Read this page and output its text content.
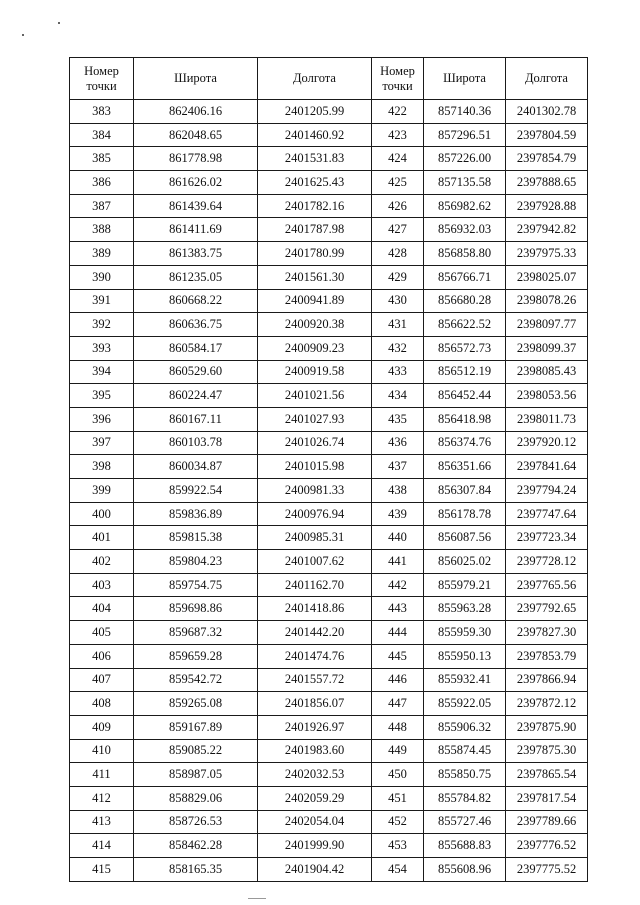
Номер точки	Широта	Долгота	Номер точки	Широта	Долгота
383	862406.16	2401205.99	422	857140.36	2401302.78
384	862048.65	2401460.92	423	857296.51	2397804.59
385	861778.98	2401531.83	424	857226.00	2397854.79
386	861626.02	2401625.43	425	857135.58	2397888.65
387	861439.64	2401782.16	426	856982.62	2397928.88
388	861411.69	2401787.98	427	856932.03	2397942.82
389	861383.75	2401780.99	428	856858.80	2397975.33
390	861235.05	2401561.30	429	856766.71	2398025.07
391	860668.22	2400941.89	430	856680.28	2398078.26
392	860636.75	2400920.38	431	856622.52	2398097.77
393	860584.17	2400909.23	432	856572.73	2398099.37
394	860529.60	2400919.58	433	856512.19	2398085.43
395	860224.47	2401021.56	434	856452.44	2398053.56
396	860167.11	2401027.93	435	856418.98	2398011.73
397	860103.78	2401026.74	436	856374.76	2397920.12
398	860034.87	2401015.98	437	856351.66	2397841.64
399	859922.54	2400981.33	438	856307.84	2397794.24
400	859836.89	2400976.94	439	856178.78	2397747.64
401	859815.38	2400985.31	440	856087.56	2397723.34
402	859804.23	2401007.62	441	856025.02	2397728.12
403	859754.75	2401162.70	442	855979.21	2397765.56
404	859698.86	2401418.86	443	855963.28	2397792.65
405	859687.32	2401442.20	444	855959.30	2397827.30
406	859659.28	2401474.76	445	855950.13	2397853.79
407	859542.72	2401557.72	446	855932.41	2397866.94
408	859265.08	2401856.07	447	855922.05	2397872.12
409	859167.89	2401926.97	448	855906.32	2397875.90
410	859085.22	2401983.60	449	855874.45	2397875.30
411	858987.05	2402032.53	450	855850.75	2397865.54
412	858829.06	2402059.29	451	855784.82	2397817.54
413	858726.53	2402054.04	452	855727.46	2397789.66
414	858462.28	2401999.90	453	855688.83	2397776.52
415	858165.35	2401904.42	454	855608.96	2397775.52
